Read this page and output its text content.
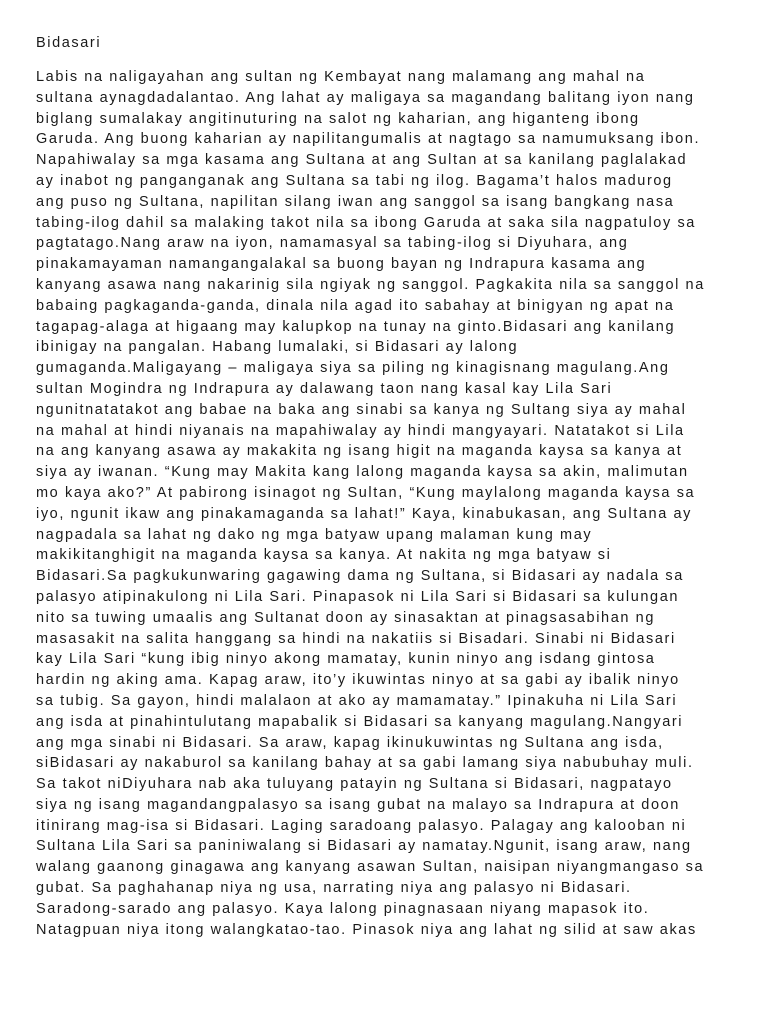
Bidasari
Labis na naligayahan ang sultan ng Kembayat nang malamang ang mahal na
sultana aynagdadalantao. Ang lahat ay maligaya sa magandang balitang iyon nang
biglang sumalakay angitinuturing na salot ng kaharian, ang higanteng ibong
Garuda. Ang buong kaharian ay napilitangumalis at nagtago sa namumuksang ibon.
Napahiwalay sa mga kasama ang Sultana at ang Sultan at sa kanilang paglalakad
ay inabot ng panganganak ang Sultana sa tabi ng ilog. Bagama’t halos madurog
ang puso ng Sultana, napilitan silang iwan ang sanggol sa isang bangkang nasa
tabing-ilog dahil sa malaking takot nila sa ibong Garuda at saka sila nagpatuloy sa
pagtatago.Nang araw na iyon, namamasyal sa tabing-ilog si Diyuhara, ang
pinakamayaman namangangalakal sa buong bayan ng Indrapura kasama ang
kanyang asawa nang nakarinig sila ngiyak ng sanggol. Pagkakita nila sa sanggol na
babaing pagkaganda-ganda, dinala nila agad ito sabahay at binigyan ng apat na
tagapag-alaga at higaang may kalupkop na tunay na ginto.Bidasari ang kanilang
ibinigay na pangalan. Habang lumalaki, si Bidasari ay lalong
gumaganda.Maligayang – maligaya siya sa piling ng kinagisnang magulang.Ang
sultan Mogindra ng Indrapura ay dalawang taon nang kasal kay Lila Sari
ngunitnatatakot ang babae na baka ang sinabi sa kanya ng Sultang siya ay mahal
na mahal at hindi niyanais na mapahiwalay ay hindi mangyayari. Natatakot si Lila
na ang kanyang asawa ay makakita ng isang higit na maganda kaysa sa kanya at
siya ay iwanan. “Kung may Makita kang lalong maganda kaysa sa akin, malimutan
mo kaya ako?” At pabirong isinagot ng Sultan, “Kung maylalong maganda kaysa sa
iyo, ngunit ikaw ang pinakamaganda sa lahat!” Kaya, kinabukasan, ang Sultana ay
nagpadala sa lahat ng dako ng mga batyaw upang malaman kung may
makikitanghigit na maganda kaysa sa kanya. At nakita ng mga batyaw si
Bidasari.Sa pagkukunwaring gagawing dama ng Sultana, si Bidasari ay nadala sa
palasyo atipinakulong ni Lila Sari. Pinapasok ni Lila Sari si Bidasari sa kulungan
nito sa tuwing umaalis ang Sultanat doon ay sinasaktan at pinagsasabihan ng
masasakit na salita hanggang sa hindi na nakatiis si Bisadari. Sinabi ni Bidasari
kay Lila Sari “kung ibig ninyo akong mamatay, kunin ninyo ang isdang gintosa
hardin ng aking ama. Kapag araw, ito’y ikuwintas ninyo at sa gabi ay ibalik ninyo
sa tubig. Sa gayon, hindi malalaon at ako ay mamamatay.” Ipinakuha ni Lila Sari
ang isda at pinahintulutang mapabalik si Bidasari sa kanyang magulang.Nangyari
ang mga sinabi ni Bidasari. Sa araw, kapag ikinukuwintas ng Sultana ang isda,
siBidasari ay nakaburol sa kanilang bahay at sa gabi lamang siya nabubuhay muli.
Sa takot niDiyuhara nab aka tuluyang patayin ng Sultana si Bidasari, nagpatayo
siya ng isang magandangpalasyo sa isang gubat na malayo sa Indrapura at doon
itinirang mag-isa si Bidasari. Laging saradoang palasyo. Palagay ang kalooban ni
Sultana Lila Sari sa paniniwalang si Bidasari ay namatay.Ngunit, isang araw, nang
walang gaanong ginagawa ang kanyang asawan Sultan, naisipan niyangmangaso sa
gubat. Sa paghahanap niya ng usa, narrating niya ang palasyo ni Bidasari.
Saradong-sarado ang palasyo. Kaya lalong pinagnasaan niyang mapasok ito.
Natagpuan niya itong walangkatao-tao. Pinasok niya ang lahat ng silid at saw akas
